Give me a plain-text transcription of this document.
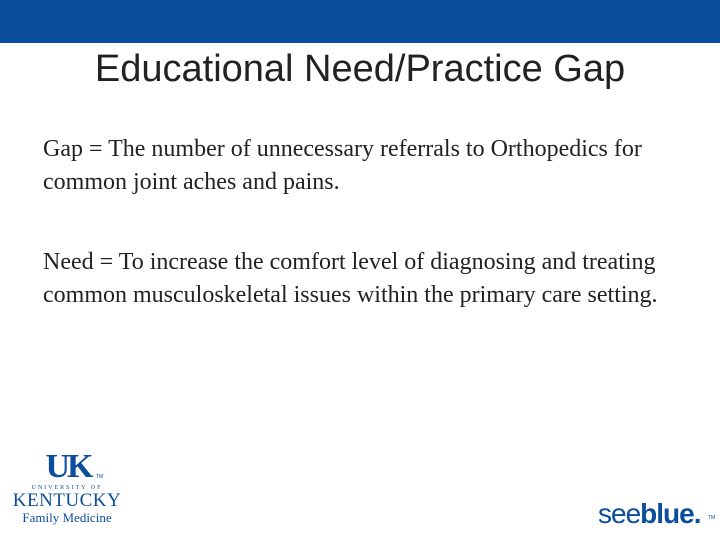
Educational Need/Practice Gap
Gap = The number of unnecessary referrals to Orthopedics for common joint aches and pains.
Need = To increase the comfort level of diagnosing and treating common musculoskeletal issues within the primary care setting.
UK	TM
UNIVERSITY OF
KENTUCKY
Family Medicine	seeblue. TM
